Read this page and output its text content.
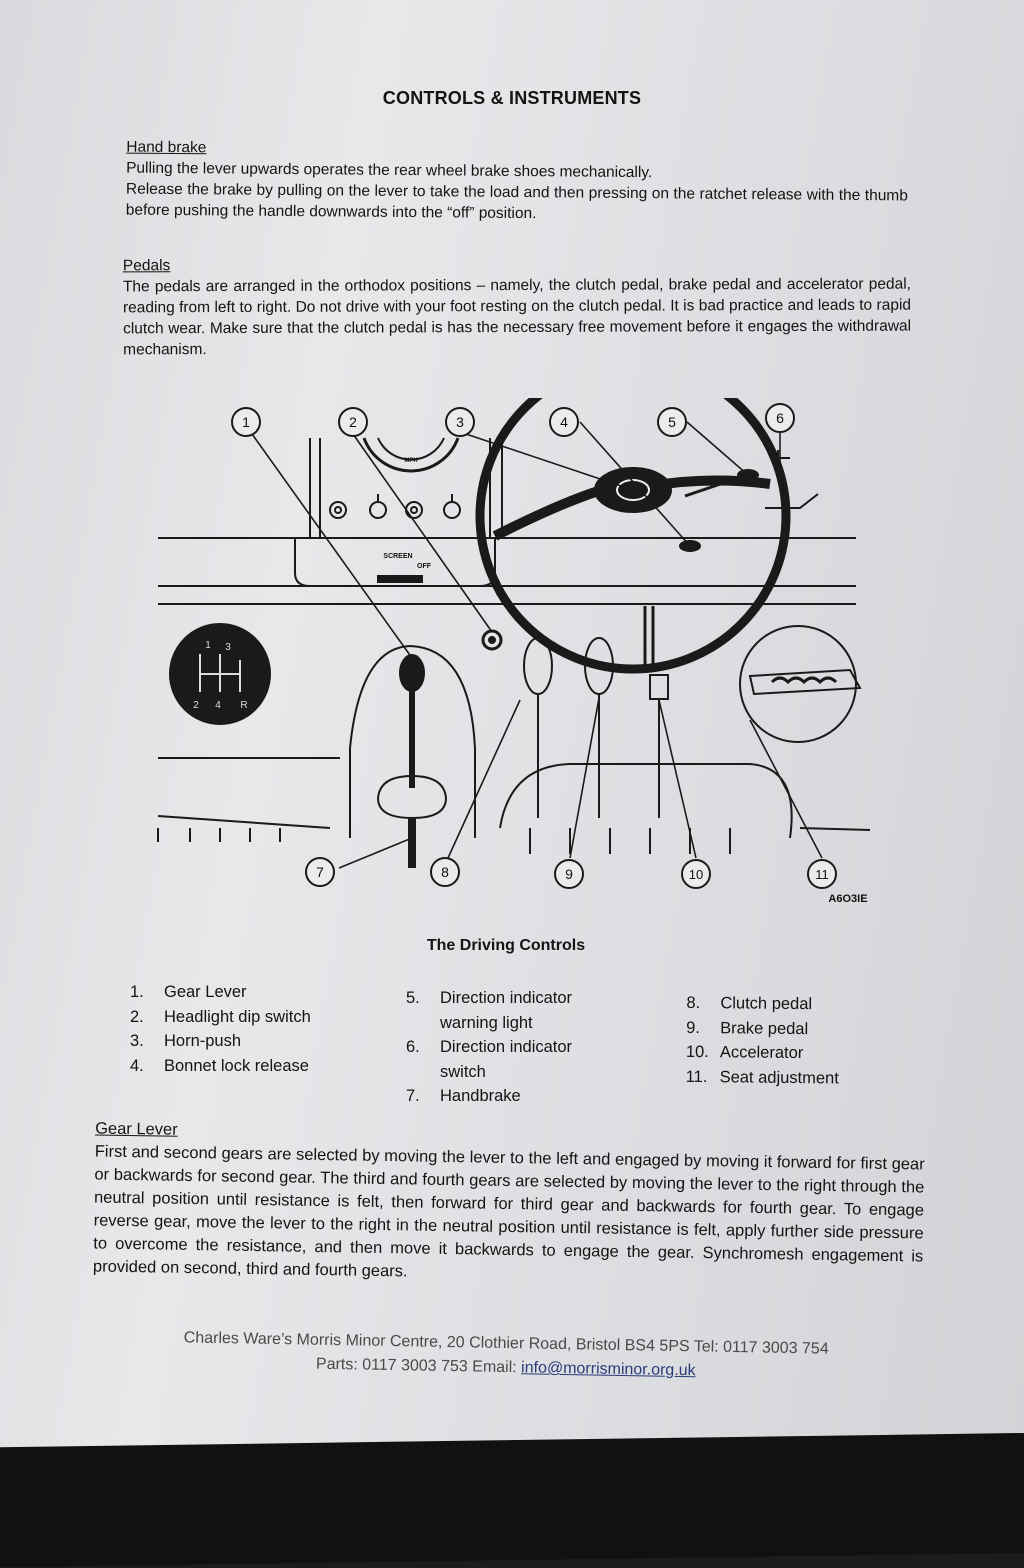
CONTROLS & INSTRUMENTS
Hand brake

Pulling the lever upwards operates the rear wheel brake shoes mechanically.

Release the brake by pulling on the lever to take the load and then pressing on the ratchet release with the thumb before pushing the handle downwards into the “off” position.

Pedals

The pedals are arranged in the orthodox positions – namely, the clutch pedal, brake pedal and accelerator pedal, reading from left to right. Do not drive with your foot resting on the clutch pedal. It is bad practice and leads to rapid clutch wear. Make sure that the clutch pedal is has the necessary free movement before it engages the withdrawal mechanism.

1	2	3	4	5	6
7	8	9	10	11
A6O3IE
SCREEN
OFF
MPH
1 3
2 4 R
The Driving Controls
1.	Gear Lever
2.	Headlight dip switch
3.	Horn-push
4.	Bonnet lock release
5.	Direction indicator
warning light
6.	Direction indicator
switch
7.	Handbrake
8.	Clutch pedal
9.	Brake pedal
10. Accelerator
11. Seat adjustment
Gear Lever

First and second gears are selected by moving the lever to the left and engaged by moving it forward for first gear or backwards for second gear. The third and fourth gears are selected by moving the lever to the right through the neutral position until resistance is felt, then forward for third gear and backwards for fourth gear. To engage reverse gear, move the lever to the right in the neutral position until resistance is felt, apply further side pressure to overcome the resistance, and then move it backwards to engage the gear. Synchromesh engagement is provided on second, third and fourth gears.

Charles Ware’s Morris Minor Centre, 20 Clothier Road, Bristol BS4 5PS Tel: 0117 3003 754
Parts: 0117 3003 753 Email: info@morrisminor.org.uk
